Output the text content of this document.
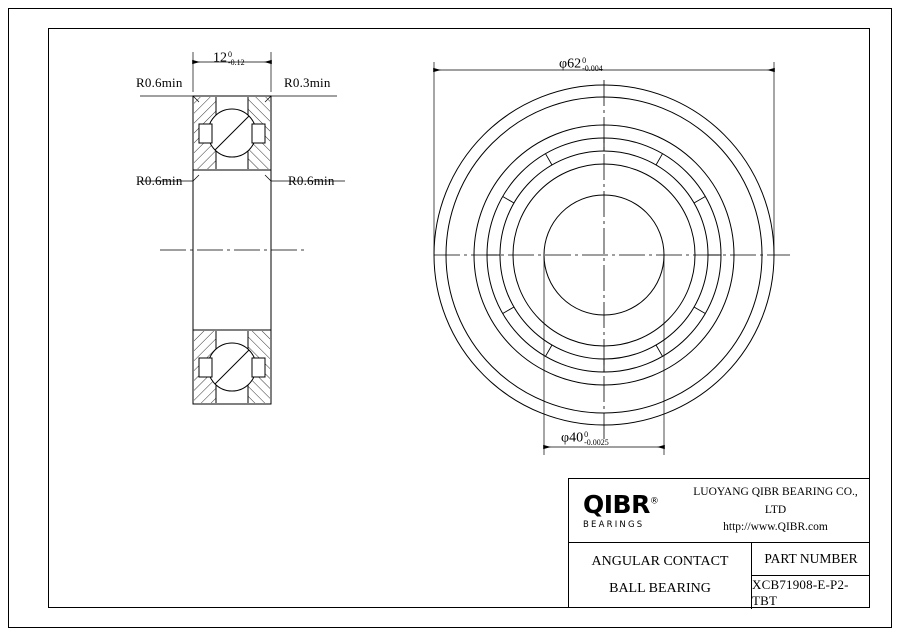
12 0
-0.12	φ62 0
-0.004
φ40 0
-0.0025
R0.6min	R0.3min
R0.6min	R0.6min
QIBR®
BEARINGS
LUOYANG QIBR BEARING CO., LTD
http://www.QIBR.com
ANGULAR CONTACT
BALL BEARING
PART NUMBER
XCB71908-E-P2-TBT
